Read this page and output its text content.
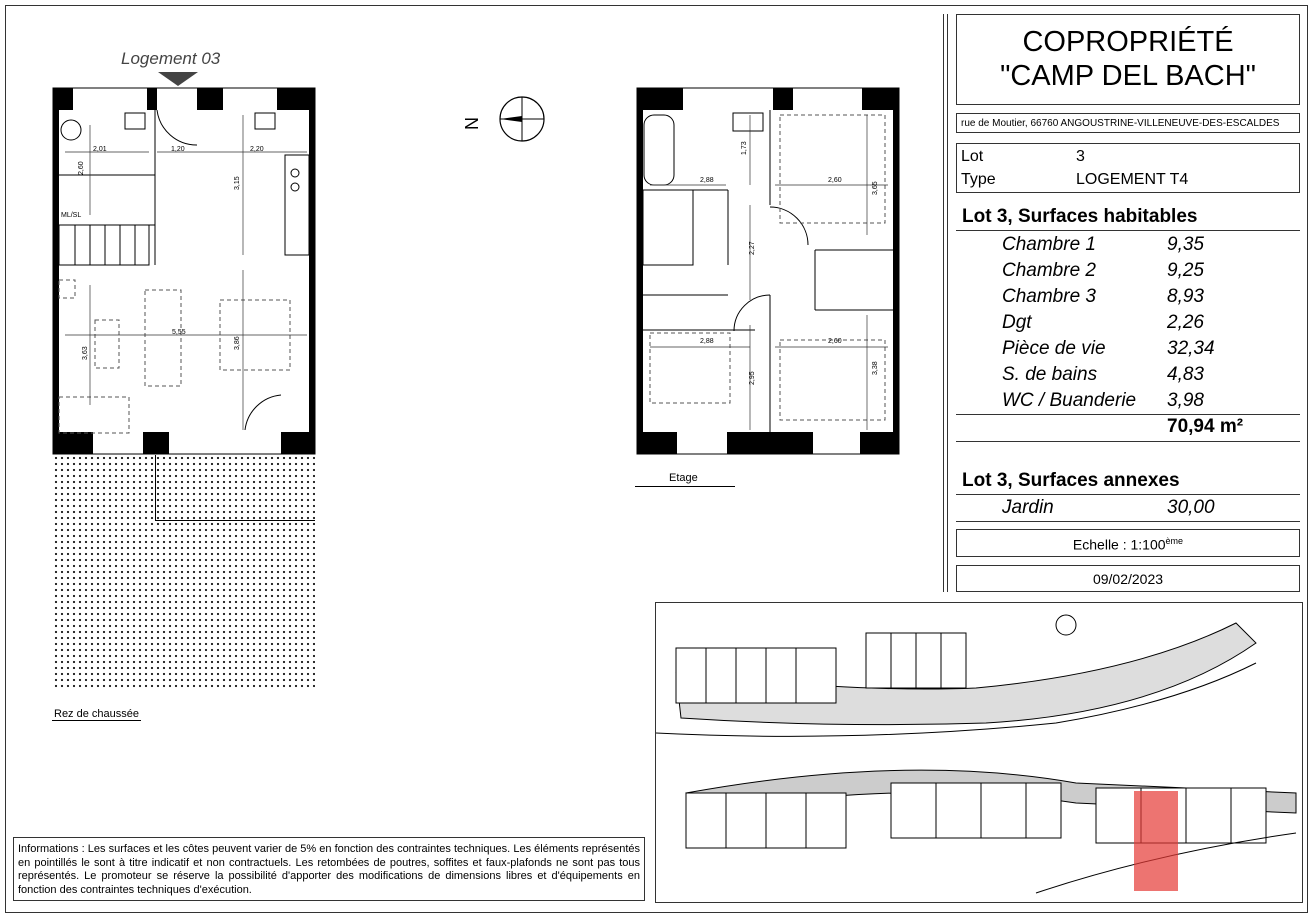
Logement 03
2,01	1,20	2,20
2,60
3,15
5,55
3,63
3,86
ML/SL
Rez de chaussée
N
1,73
2,88	2,60
3,65
2,27
2,88	2,60
2,95
3,38
Etage
COPROPRIÉTÉ
"CAMP DEL BACH"
rue de Moutier, 66760 ANGOUSTRINE-VILLENEUVE-DES-ESCALDES
Lot	3
Type	LOGEMENT T4
Lot 3, Surfaces habitables
Chambre 1	9,35
Chambre 2	9,25
Chambre 3	8,93
Dgt	2,26
Pièce de vie	32,34
S. de bains	4,83
WC / Buanderie 3,98
70,94 m²
Lot 3, Surfaces annexes
Jardin	30,00
Echelle : 1:100ème
09/02/2023
Informations : Les surfaces et les côtes peuvent varier de 5% en fonction des contraintes techniques. Les éléments représentés en pointillés le sont à titre indicatif et non contractuels. Les retombées de poutres, soffites et faux-plafonds ne sont pas tous représentés. Le promoteur se réserve la possibilité d'apporter des modifications de dimensions libres et d'équipements en fonction des contraintes techniques d'exécution.
